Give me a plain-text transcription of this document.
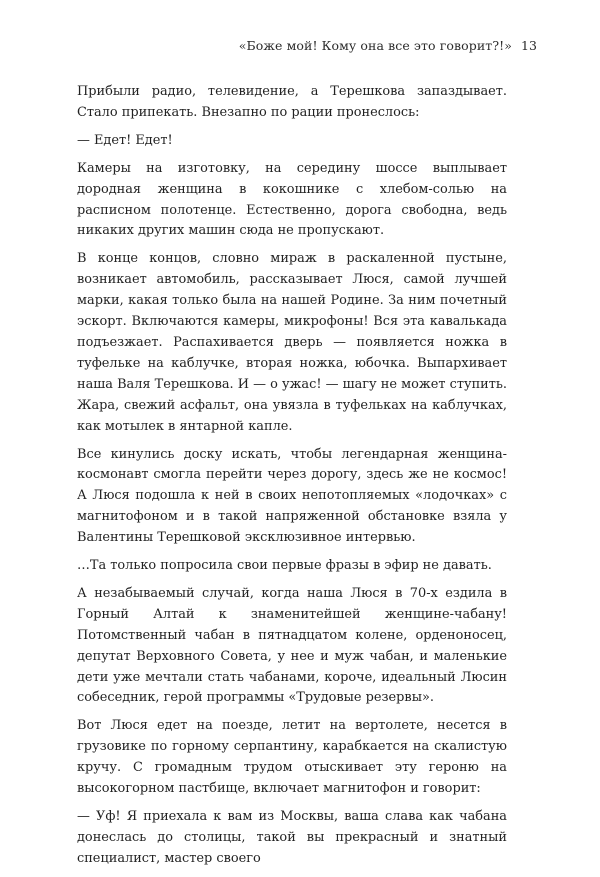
«Боже мой! Кому она все это говорит?!» 13

Прибыли радио, телевидение, а Терешкова запаздывает. Стало припекать. Внезапно по рации пронеслось:

— Едет! Едет!

Камеры на изготовку, на середину шоссе выплывает дородная женщина в кокошнике с хлебом-солью на расписном полотенце. Естественно, дорога свободна, ведь никаких других машин сюда не пропускают.

В конце концов, словно мираж в раскаленной пустыне, возникает автомобиль, рассказывает Люся, самой лучшей марки, какая только была на нашей Родине. За ним почетный эскорт. Включаются камеры, микрофоны! Вся эта кавалькада подъезжает. Распахивается дверь — появляется ножка в туфельке на каблучке, вторая ножка, юбочка. Выпархивает наша Валя Терешкова. И — о ужас! — шагу не может ступить. Жара, свежий асфальт, она увязла в туфельках на каблучках, как мотылек в янтарной капле.

Все кинулись доску искать, чтобы легендарная женщина-космонавт смогла перейти через дорогу, здесь же не космос! А Люся подошла к ней в своих непотопляемых «лодочках» с магнитофоном и в такой напряженной обстановке взяла у Валентины Терешковой эксклюзивное интервью.

…Та только попросила свои первые фразы в эфир не давать.

А незабываемый случай, когда наша Люся в 70-х ездила в Горный Алтай к знаменитейшей женщине-чабану! Потомственный чабан в пятнадцатом колене, орденоносец, депутат Верховного Совета, у нее и муж чабан, и маленькие дети уже мечтали стать чабанами, короче, идеальный Люсин собеседник, герой программы «Трудовые резервы».

Вот Люся едет на поезде, летит на вертолете, несется в грузовике по горному серпантину, карабкается на скалистую кручу. С громадным трудом отыскивает эту героню на высокогорном пастбище, включает магнитофон и говорит:

— Уф! Я приехала к вам из Москвы, ваша слава как чабана донеслась до столицы, такой вы прекрасный и знатный специалист, мастер своего
